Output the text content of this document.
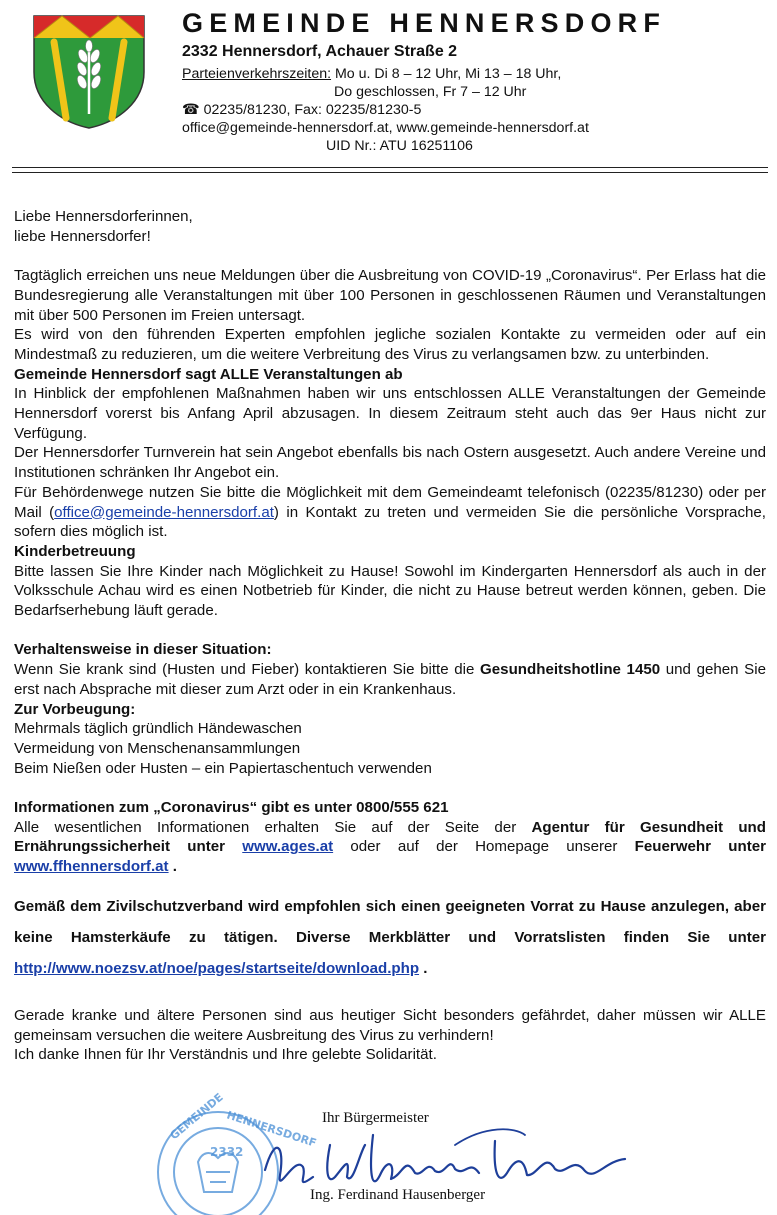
GEMEINDE HENNERSDORF
2332 Hennersdorf, Achauer Straße 2
Parteienverkehrszeiten: Mo u. Di 8 – 12 Uhr, Mi 13 – 18 Uhr,
Do geschlossen, Fr 7 – 12 Uhr
☎ 02235/81230, Fax: 02235/81230-5
office@gemeinde-hennersdorf.at, www.gemeinde-hennersdorf.at
UID Nr.: ATU 16251106

Liebe Hennersdorferinnen,

liebe Hennersdorfer!

Tagtäglich erreichen uns neue Meldungen über die Ausbreitung von COVID-19 „Coronavirus“. Per Erlass hat die Bundesregierung alle Veranstaltungen mit über 100 Personen in geschlossenen Räumen und Veranstaltungen mit über 500 Personen im Freien untersagt.

Es wird von den führenden Experten empfohlen jegliche sozialen Kontakte zu vermeiden oder auf ein Mindestmaß zu reduzieren, um die weitere Verbreitung des Virus zu verlangsamen bzw. zu unterbinden.

Gemeinde Hennersdorf sagt ALLE Veranstaltungen ab

In Hinblick der empfohlenen Maßnahmen haben wir uns entschlossen ALLE Veranstaltungen der Gemeinde Hennersdorf vorerst bis Anfang April abzusagen. In diesem Zeitraum steht auch das 9er Haus nicht zur Verfügung.

Der Hennersdorfer Turnverein hat sein Angebot ebenfalls bis nach Ostern ausgesetzt. Auch andere Vereine und Institutionen schränken Ihr Angebot ein.

Für Behördenwege nutzen Sie bitte die Möglichkeit mit dem Gemeindeamt telefonisch (02235/81230) oder per Mail (office@gemeinde-hennersdorf.at) in Kontakt zu treten und vermeiden Sie die persönliche Vorsprache, sofern dies möglich ist.

Kinderbetreuung

Bitte lassen Sie Ihre Kinder nach Möglichkeit zu Hause! Sowohl im Kindergarten Hennersdorf als auch in der Volksschule Achau wird es einen Notbetrieb für Kinder, die nicht zu Hause betreut werden können, geben. Die Bedarfserhebung läuft gerade.

Verhaltensweise in dieser Situation:

Wenn Sie krank sind (Husten und Fieber) kontaktieren Sie bitte die Gesundheitshotline 1450 und gehen Sie erst nach Absprache mit dieser zum Arzt oder in ein Krankenhaus.

Zur Vorbeugung:

Mehrmals täglich gründlich Händewaschen

Vermeidung von Menschenansammlungen

Beim Nießen oder Husten – ein Papiertaschentuch verwenden

Informationen zum „Coronavirus“ gibt es unter 0800/555 621

Alle wesentlichen Informationen erhalten Sie auf der Seite der Agentur für Gesundheit und Ernährungssicherheit unter www.ages.at oder auf der Homepage unserer Feuerwehr unter www.ffhennersdorf.at .

Gemäß dem Zivilschutzverband wird empfohlen sich einen geeigneten Vorrat zu Hause anzulegen, aber keine Hamsterkäufe zu tätigen. Diverse Merkblätter und Vorratslisten finden Sie unter http://www.noezsv.at/noe/pages/startseite/download.php .

Gerade kranke und ältere Personen sind aus heutiger Sicht besonders gefährdet, daher müssen wir ALLE gemeinsam versuchen die weitere Ausbreitung des Virus zu verhindern!

Ich danke Ihnen für Ihr Verständnis und Ihre gelebte Solidarität.

GEMEINDE HENNERSDORF
2332
Ihr Bürgermeister
Ing. Ferdinand Hausenberger
